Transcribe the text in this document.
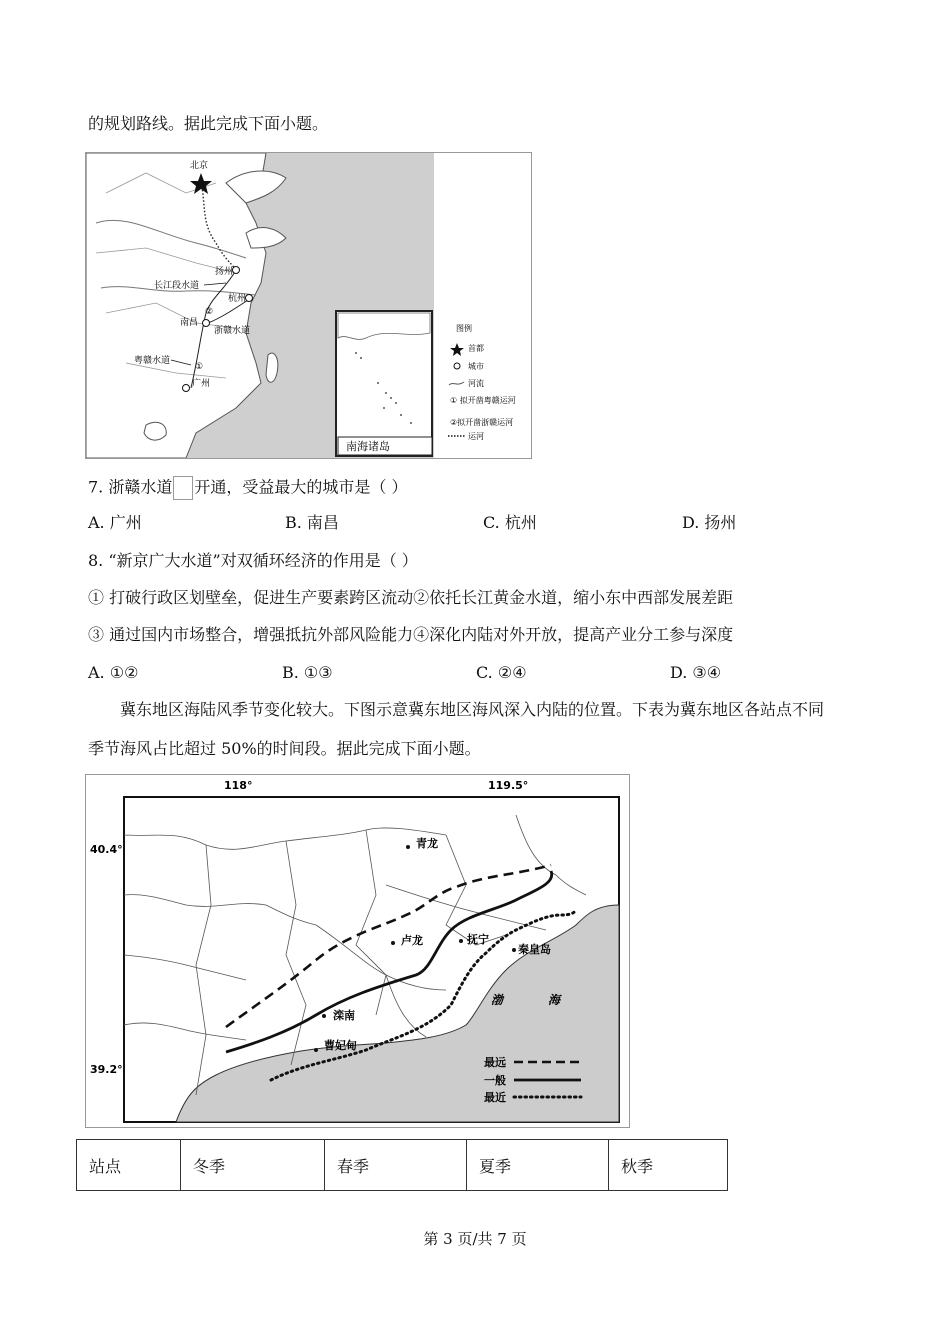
的规划路线。据此完成下面小题。
北京
扬州
杭州
南昌
广州
长江段水道
浙赣水道
粤赣水道
②
①
南海诸岛
图例
首都
城市
河流
① 拟开凿粤赣运河
②拟开凿浙赣运河
运河
7. 浙赣水道 开通，受益最大的城市是（ ）
A. 广州	B. 南昌	C. 杭州	D. 扬州
8. “新京广大水道”对双循环经济的作用是（ ）
① 打破行政区划壁垒，促进生产要素跨区流动②依托长江黄金水道，缩小东中西部发展差距
③ 通过国内市场整合，增强抵抗外部风险能力④深化内陆对外开放，提高产业分工参与深度
A. ①②	B. ①③	C. ②④	D. ③④
冀东地区海陆风季节变化较大。下图示意冀东地区海风深入内陆的位置。下表为冀东地区各站点不同
季节海风占比超过 50%的时间段。据此完成下面小题。
118°	119.5°
40.4°
39.2°
青龙
卢龙	抚宁
秦皇岛
滦南
曹妃甸
渤	海
最远
一般
最近
站点	冬季	春季	夏季	秋季
第 3 页/共 7 页
